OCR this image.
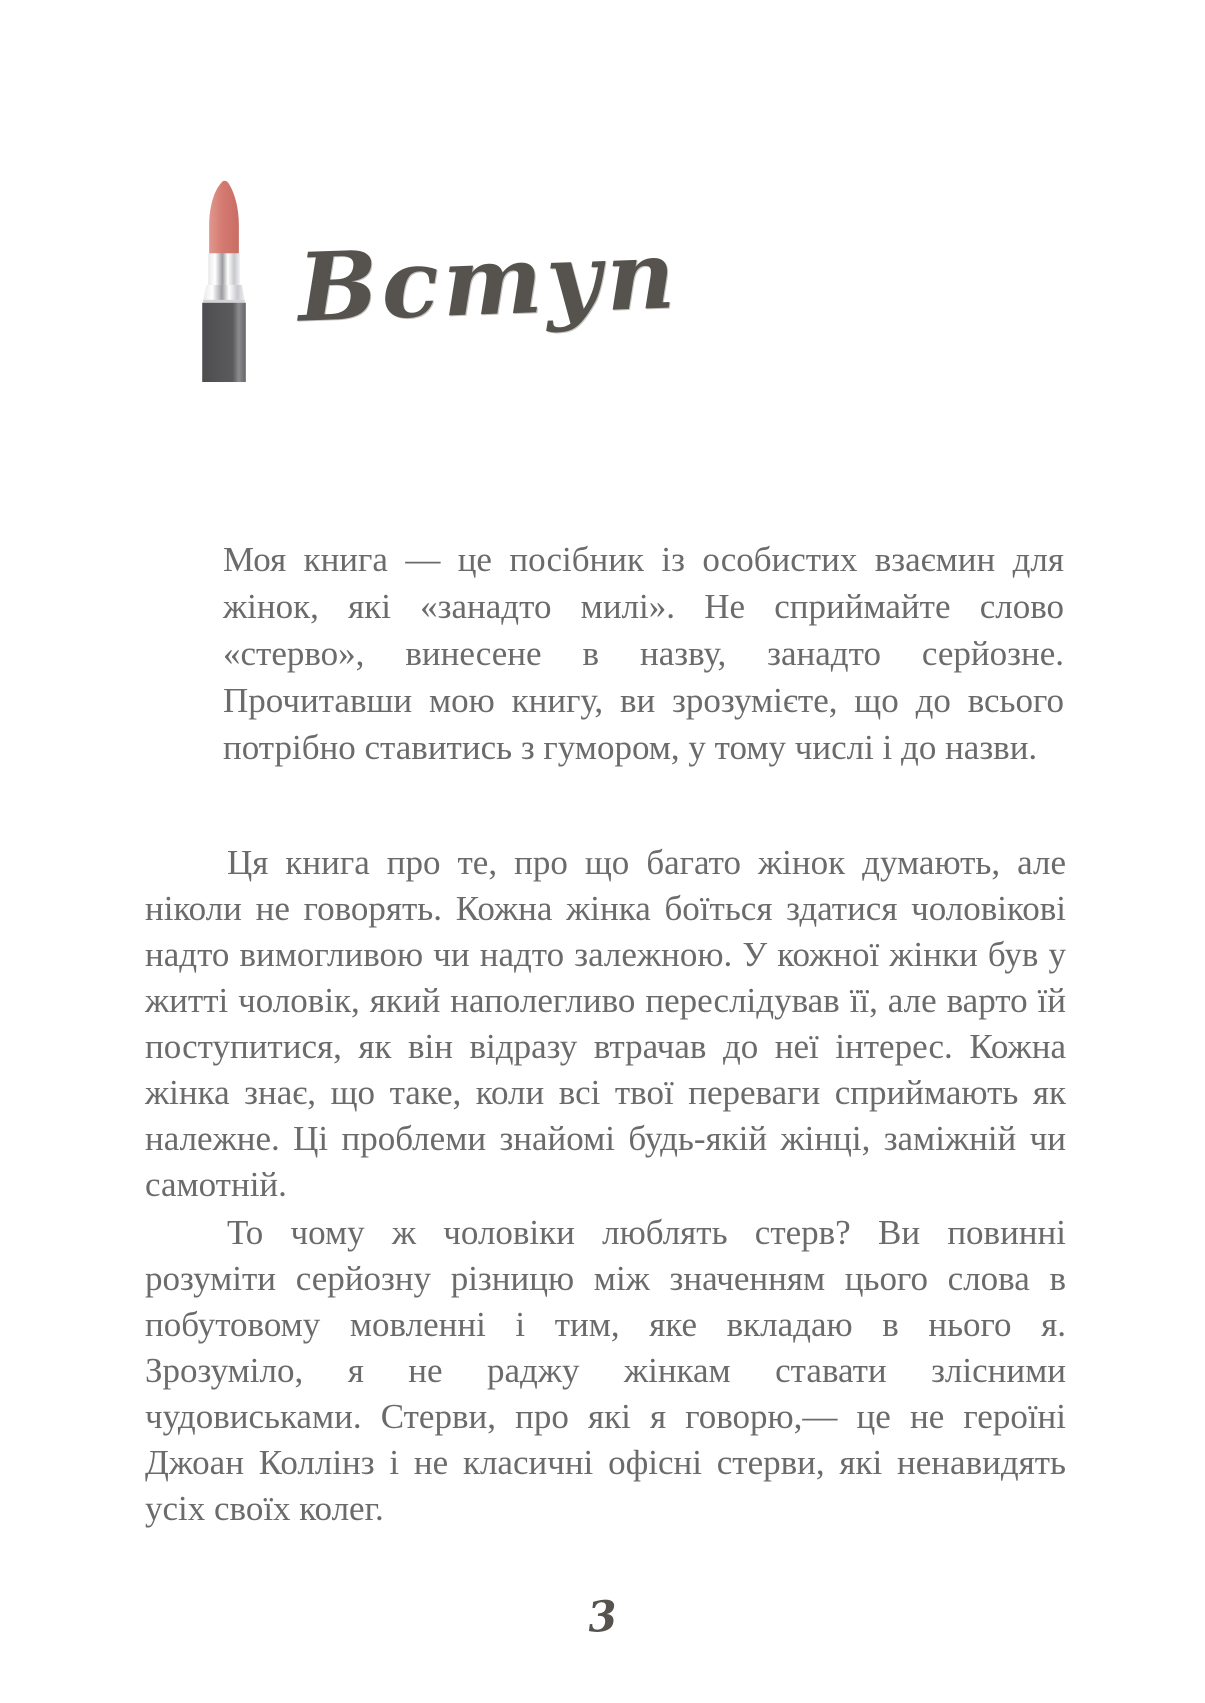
Вступ

Моя книга — це посібник із особистих взаємин для жінок, які «занадто милі». Не сприймайте слово «стерво», винесене в назву, занадто серйозне. Прочитавши мою книгу, ви зрозумієте, що до всього потрібно ставитись з гумором, у тому числі і до назви.

Ця книга про те, про що багато жінок думають, але ніколи не говорять. Кожна жінка боїться здатися чоловікові надто вимогливою чи надто залежною. У кожної жінки був у житті чоловік, який наполегливо переслідував її, але варто їй поступитися, як він відразу втрачав до неї інтерес. Кожна жінка знає, що таке, коли всі твої переваги сприймають як належне. Ці проблеми знайомі будь-якій жінці, заміжній чи самотній.

То чому ж чоловіки люблять стерв? Ви повинні розуміти серйозну різницю між значенням цього слова в побутовому мовленні і тим, яке вкладаю в нього я. Зрозуміло, я не раджу жінкам ставати злісними чудовиськами. Стерви, про які я говорю,— це не героїні Джоан Коллінз і не класичні офісні стерви, які ненавидять усіх своїх колег.

3
